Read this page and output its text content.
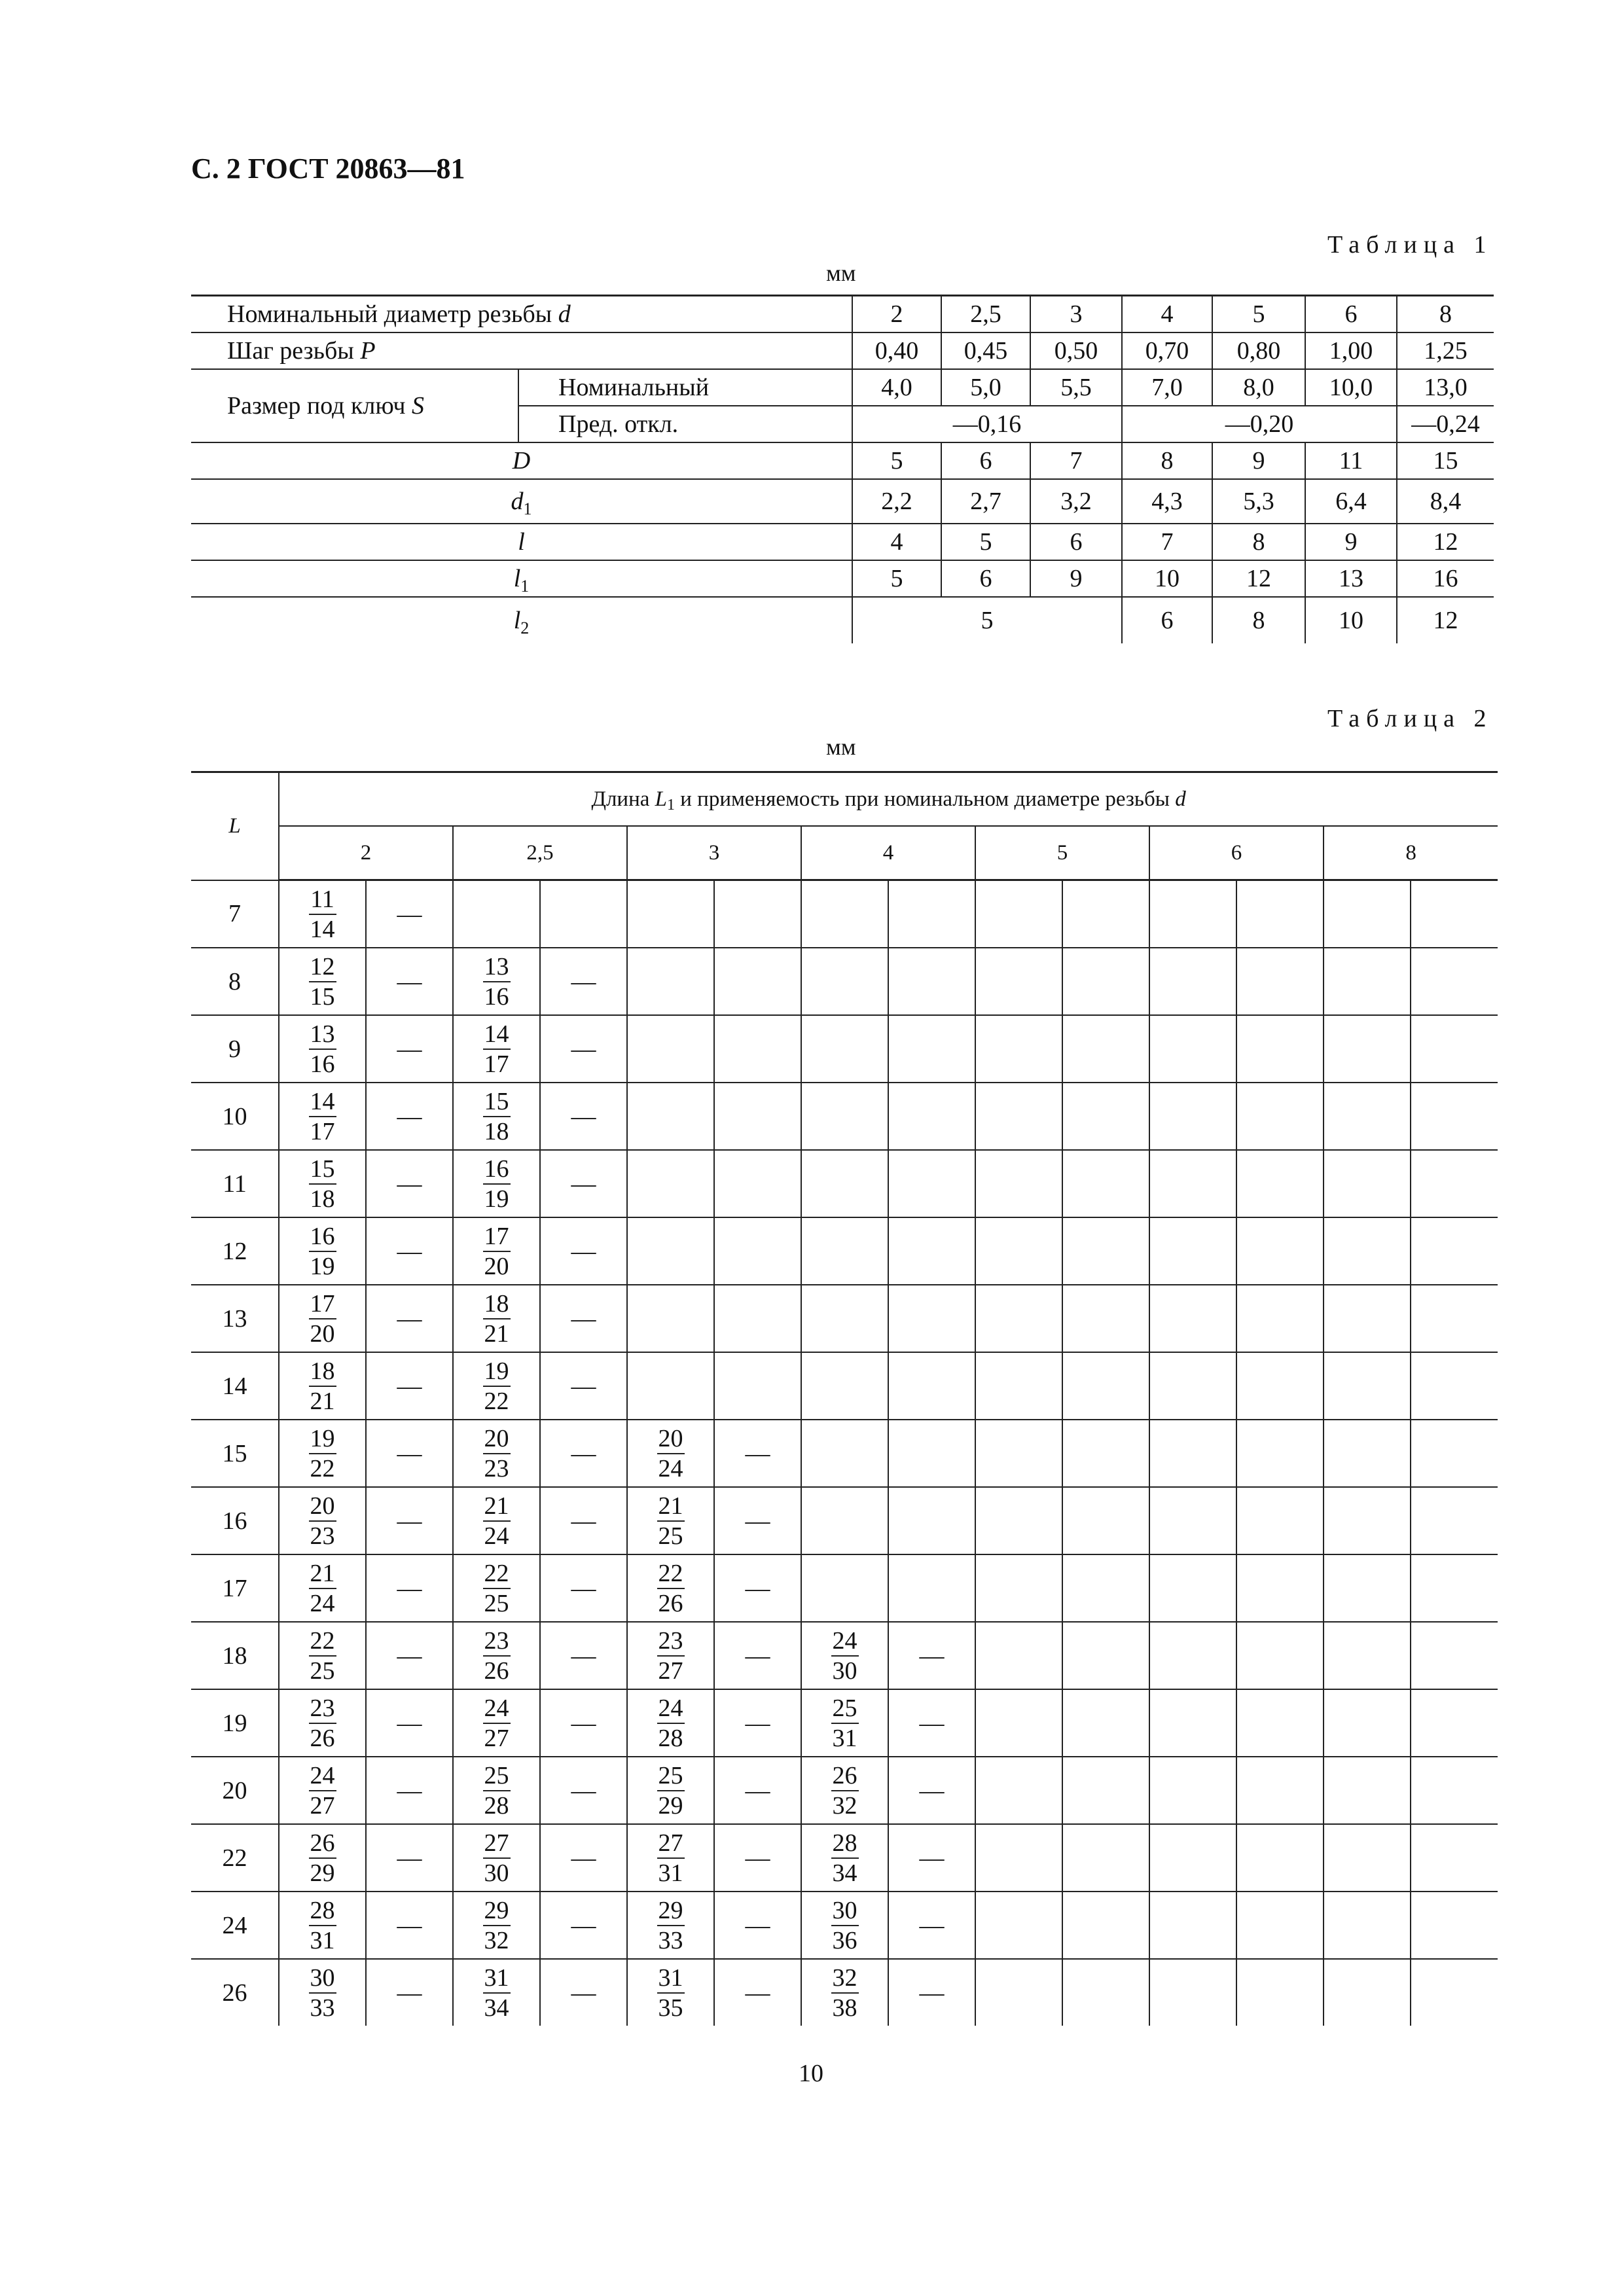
С. 2 ГОСТ 20863—81
Таблица 1
мм
Номинальный диаметр резьбы d		2	2,5	3	4	5	6	8
Шаг резьбы P		0,40	0,45	0,50	0,70	0,80	1,00	1,25
Размер под ключ S	Номинальный	4,0	5,0	5,5	7,0	8,0	10,0	13,0
	Пред. откл.	—0,16			—0,20			—0,24
D		5	6	7	8	9	11	15
$d_1$		2,2	2,7	3,2	4,3	5,3	6,4	8,4
l		4	5	6	7	8	9	12
$l_1$		5	6	9	10	12	13	16
$l_2$		5			6	8	10	12
Таблица 2
мм
L	Длина $L_1$ и применяемость при номинальном диаметре резьбы d													
	2		2,5		3		4		5		6		8	
7	$\frac{11}{14}$	—												
8	$\frac{12}{15}$	—	$\frac{13}{16}$	—										
9	$\frac{13}{16}$	—	$\frac{14}{17}$	—										
10	$\frac{14}{17}$	—	$\frac{15}{18}$	—										
11	$\frac{15}{18}$	—	$\frac{16}{19}$	—										
12	$\frac{16}{19}$	—	$\frac{17}{20}$	—										
13	$\frac{17}{20}$	—	$\frac{18}{21}$	—										
14	$\frac{18}{21}$	—	$\frac{19}{22}$	—										
15	$\frac{19}{22}$	—	$\frac{20}{23}$	—	$\frac{20}{24}$	—								
16	$\frac{20}{23}$	—	$\frac{21}{24}$	—	$\frac{21}{25}$	—								
17	$\frac{21}{24}$	—	$\frac{22}{25}$	—	$\frac{22}{26}$	—								
18	$\frac{22}{25}$	—	$\frac{23}{26}$	—	$\frac{23}{27}$	—	$\frac{24}{30}$	—						
19	$\frac{23}{26}$	—	$\frac{24}{27}$	—	$\frac{24}{28}$	—	$\frac{25}{31}$	—						
20	$\frac{24}{27}$	—	$\frac{25}{28}$	—	$\frac{25}{29}$	—	$\frac{26}{32}$	—						
22	$\frac{26}{29}$	—	$\frac{27}{30}$	—	$\frac{27}{31}$	—	$\frac{28}{34}$	—						
24	$\frac{28}{31}$	—	$\frac{29}{32}$	—	$\frac{29}{33}$	—	$\frac{30}{36}$	—						
26	$\frac{30}{33}$	—	$\frac{31}{34}$	—	$\frac{31}{35}$	—	$\frac{32}{38}$	—						
10
